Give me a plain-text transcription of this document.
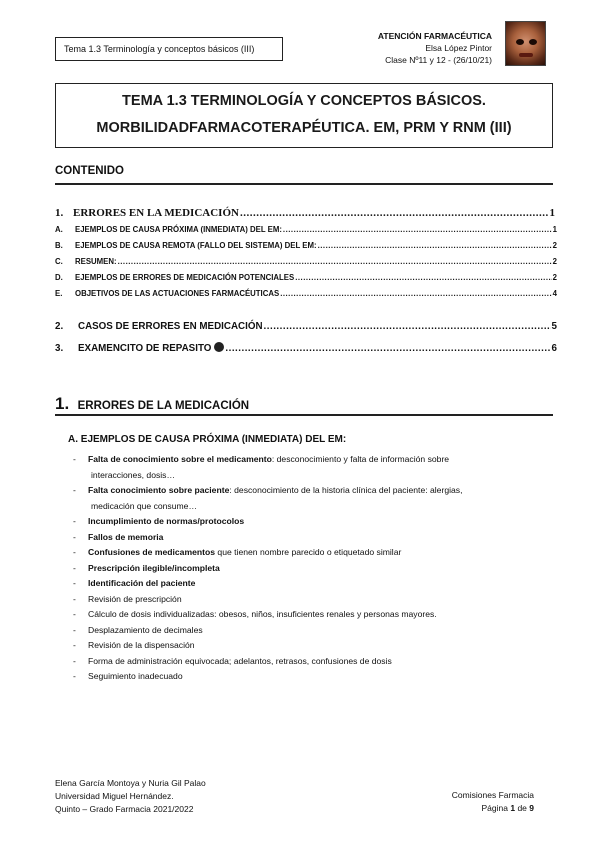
Tema 1.3 Terminología y conceptos básicos (III)
ATENCIÓN FARMACÉUTICA
Elsa López Pintor
Clase Nº11 y 12 - (26/10/21)
TEMA 1.3 TERMINOLOGÍA Y CONCEPTOS BÁSICOS.
MORBILIDADFARMACOTERAPÉUTICA. EM, PRM Y RNM (III)
CONTENIDO
1. ERRORES EN LA MEDICACIÓN .....	1
A.	EJEMPLOS DE CAUSA PRÓXIMA (INMEDIATA) DEL EM: .....	1
B.	EJEMPLOS DE CAUSA REMOTA (FALLO DEL SISTEMA) DEL EM: .....	2
C.	RESUMEN: .....	2
D.	EJEMPLOS DE ERRORES DE MEDICACIÓN POTENCIALES .....	2
E.	OBJETIVOS DE LAS ACTUACIONES FARMACÉUTICAS .....	4
2.	CASOS DE ERRORES EN MEDICACIÓN .....	5
3.	EXAMENCITO DE REPASITO .....	6
1. ERRORES DE LA MEDICACIÓN
A. EJEMPLOS DE CAUSA PRÓXIMA (INMEDIATA) DEL EM:
-	Falta de conocimiento sobre el medicamento: desconocimiento y falta de información sobre
interacciones, dosis…
-	Falta conocimiento sobre paciente: desconocimiento de la historia clínica del paciente: alergias,
medicación que consume…
-	Incumplimiento de normas/protocolos
-	Fallos de memoria
-	Confusiones de medicamentos que tienen nombre parecido o etiquetado similar
-	Prescripción ilegible/incompleta
-	Identificación del paciente
-	Revisión de prescripción
-	Cálculo de dosis individualizadas: obesos, niños, insuficientes renales y personas mayores.
-	Desplazamiento de decimales
-	Revisión de la dispensación
-	Forma de administración equivocada; adelantos, retrasos, confusiones de dosis
-	Seguimiento inadecuado
Elena García Montoya y Nuria Gil Palao
Universidad Miguel Hernández.
Quinto – Grado Farmacia 2021/2022
Comisiones Farmacia
Página 1 de 9
